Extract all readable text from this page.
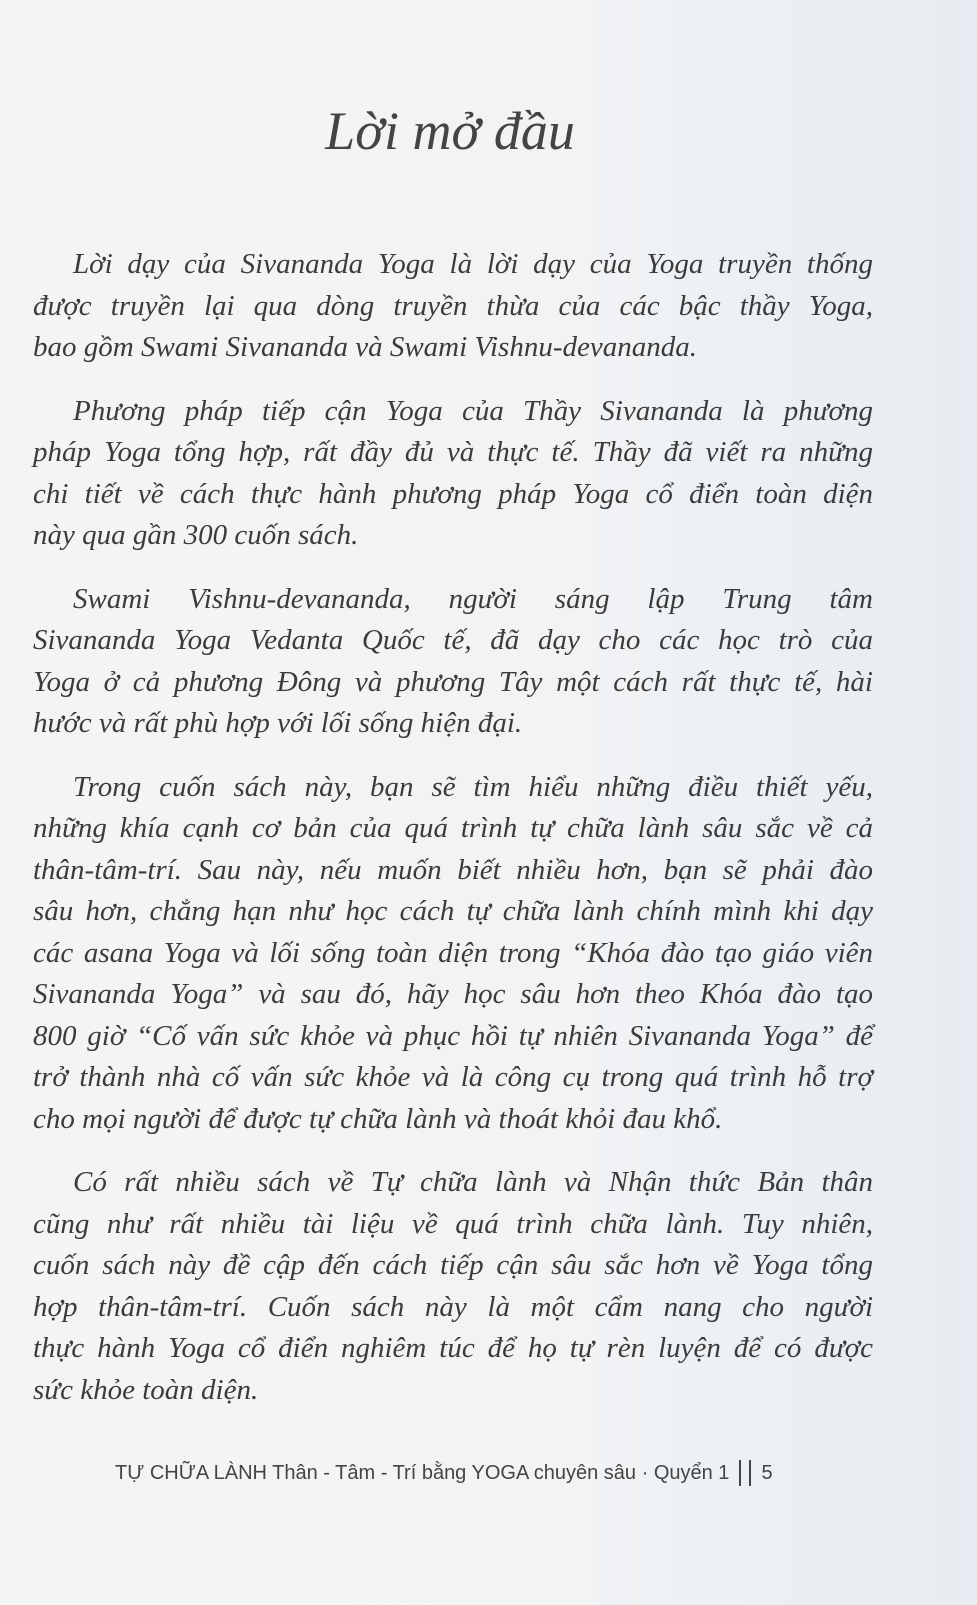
Lời mở đầu
Lời dạy của Sivananda Yoga là lời dạy của Yoga truyền thống
được truyền lại qua dòng truyền thừa của các bậc thầy Yoga,
bao gồm Swami Sivananda và Swami Vishnu-devananda.
Phương pháp tiếp cận Yoga của Thầy Sivananda là phương
pháp Yoga tổng hợp, rất đầy đủ và thực tế. Thầy đã viết ra những
chi tiết về cách thực hành phương pháp Yoga cổ điển toàn diện
này qua gần 300 cuốn sách.
Swami Vishnu-devananda, người sáng lập Trung tâm
Sivananda Yoga Vedanta Quốc tế, đã dạy cho các học trò của
Yoga ở cả phương Đông và phương Tây một cách rất thực tế, hài
hước và rất phù hợp với lối sống hiện đại.
Trong cuốn sách này, bạn sẽ tìm hiểu những điều thiết yếu,
những khía cạnh cơ bản của quá trình tự chữa lành sâu sắc về cả
thân-tâm-trí. Sau này, nếu muốn biết nhiều hơn, bạn sẽ phải đào
sâu hơn, chẳng hạn như học cách tự chữa lành chính mình khi dạy
các asana Yoga và lối sống toàn diện trong “Khóa đào tạo giáo viên
Sivananda Yoga” và sau đó, hãy học sâu hơn theo Khóa đào tạo
800 giờ “Cố vấn sức khỏe và phục hồi tự nhiên Sivananda Yoga” để
trở thành nhà cố vấn sức khỏe và là công cụ trong quá trình hỗ trợ
cho mọi người để được tự chữa lành và thoát khỏi đau khổ.
Có rất nhiều sách về Tự chữa lành và Nhận thức Bản thân
cũng như rất nhiều tài liệu về quá trình chữa lành. Tuy nhiên,
cuốn sách này đề cập đến cách tiếp cận sâu sắc hơn về Yoga tổng
hợp thân-tâm-trí. Cuốn sách này là một cẩm nang cho người
thực hành Yoga cổ điển nghiêm túc để họ tự rèn luyện để có được
sức khỏe toàn diện.
TỰ CHỮA LÀNH Thân - Tâm - Trí bằng YOGA chuyên sâu · Quyển 1 5
